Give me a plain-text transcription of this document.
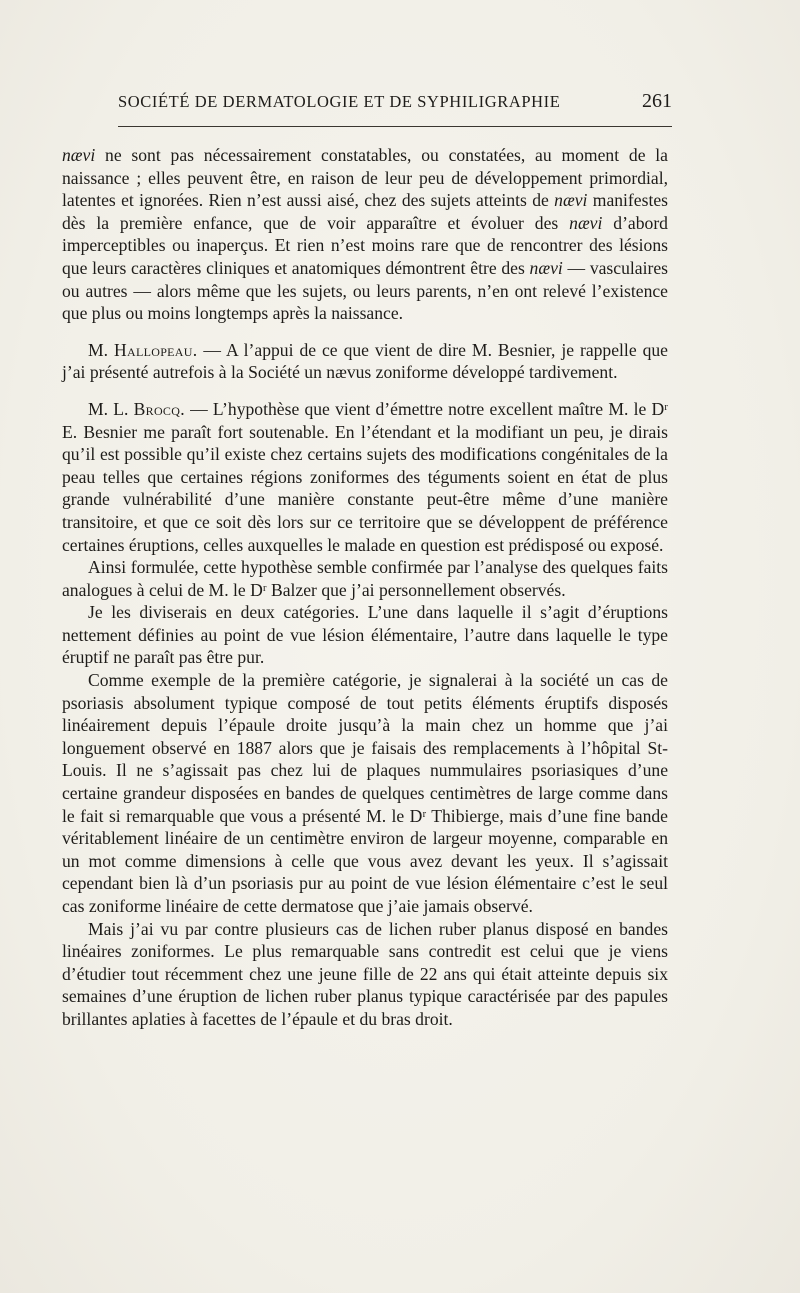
SOCIÉTÉ DE DERMATOLOGIE ET DE SYPHILIGRAPHIE	261

nævi ne sont pas nécessairement constatables, ou constatées, au moment de la naissance ; elles peuvent être, en raison de leur peu de développement primordial, latentes et ignorées. Rien n’est aussi aisé, chez des sujets atteints de nævi manifestes dès la première enfance, que de voir apparaître et évoluer des nævi d’abord imperceptibles ou inaperçus. Et rien n’est moins rare que de rencontrer des lésions que leurs caractères cliniques et anatomiques démontrent être des nævi — vasculaires ou autres — alors même que les sujets, ou leurs parents, n’en ont relevé l’existence que plus ou moins longtemps après la naissance.

M. Hallopeau. — A l’appui de ce que vient de dire M. Besnier, je rappelle que j’ai présenté autrefois à la Société un nævus zoniforme développé tardivement.

M. L. Brocq. — L’hypothèse que vient d’émettre notre excellent maître M. le Dʳ E. Besnier me paraît fort soutenable. En l’étendant et la modifiant un peu, je dirais qu’il est possible qu’il existe chez certains sujets des modifications congénitales de la peau telles que certaines régions zoniformes des téguments soient en état de plus grande vulnérabilité d’une manière constante peut-être même d’une manière transitoire, et que ce soit dès lors sur ce territoire que se développent de préférence certaines éruptions, celles auxquelles le malade en question est prédisposé ou exposé.

Ainsi formulée, cette hypothèse semble confirmée par l’analyse des quelques faits analogues à celui de M. le Dʳ Balzer que j’ai personnellement observés.

Je les diviserais en deux catégories. L’une dans laquelle il s’agit d’éruptions nettement définies au point de vue lésion élémentaire, l’autre dans laquelle le type éruptif ne paraît pas être pur.

Comme exemple de la première catégorie, je signalerai à la société un cas de psoriasis absolument typique composé de tout petits éléments éruptifs disposés linéairement depuis l’épaule droite jusqu’à la main chez un homme que j’ai longuement observé en 1887 alors que je faisais des remplacements à l’hôpital St-Louis. Il ne s’agissait pas chez lui de plaques nummulaires psoriasiques d’une certaine grandeur disposées en bandes de quelques centimètres de large comme dans le fait si remarquable que vous a présenté M. le Dʳ Thibierge, mais d’une fine bande véritablement linéaire de un centimètre environ de largeur moyenne, comparable en un mot comme dimensions à celle que vous avez devant les yeux. Il s’agissait cependant bien là d’un psoriasis pur au point de vue lésion élémentaire c’est le seul cas zoniforme linéaire de cette dermatose que j’aie jamais observé.

Mais j’ai vu par contre plusieurs cas de lichen ruber planus disposé en bandes linéaires zoniformes. Le plus remarquable sans contredit est celui que je viens d’étudier tout récemment chez une jeune fille de 22 ans qui était atteinte depuis six semaines d’une éruption de lichen ruber planus typique caractérisée par des papules brillantes aplaties à facettes de l’épaule et du bras droit.
